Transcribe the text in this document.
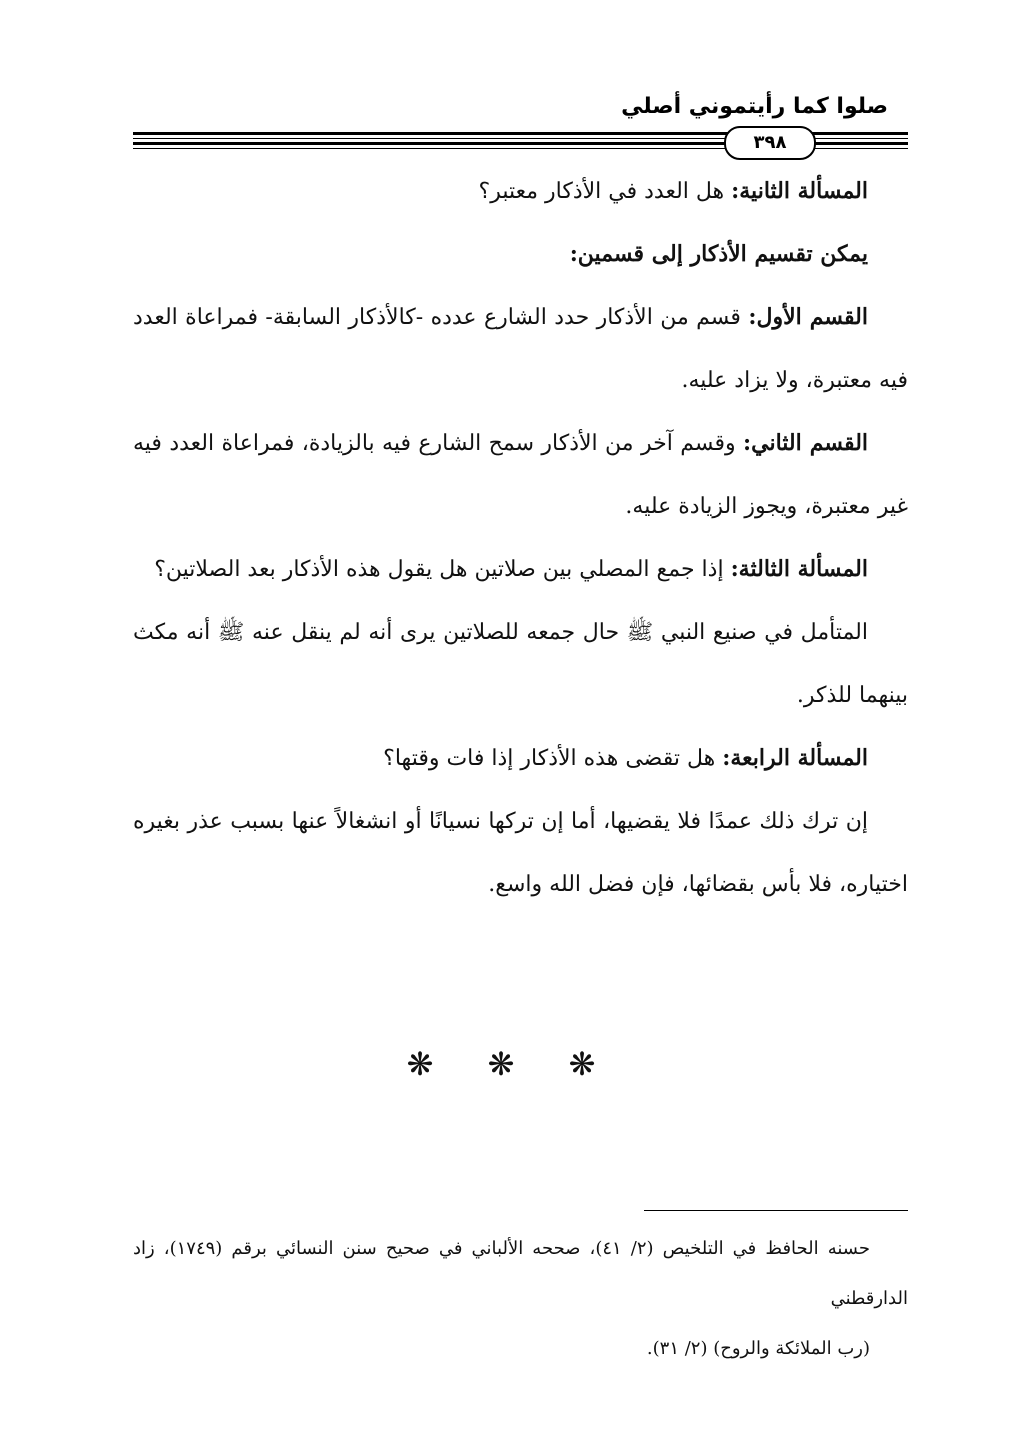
صلوا كما رأيتموني أصلي
٣٩٨

المسألة الثانية: هل العدد في الأذكار معتبر؟

يمكن تقسيم الأذكار إلى قسمين:

القسم الأول: قسم من الأذكار حدد الشارع عدده -كالأذكار السابقة- فمراعاة العدد فيه معتبرة، ولا يزاد عليه.

القسم الثاني: وقسم آخر من الأذكار سمح الشارع فيه بالزيادة، فمراعاة العدد فيه غير معتبرة، ويجوز الزيادة عليه.

المسألة الثالثة: إذا جمع المصلي بين صلاتين هل يقول هذه الأذكار بعد الصلاتين؟

المتأمل في صنيع النبي ﷺ حال جمعه للصلاتين يرى أنه لم ينقل عنه ﷺ أنه مكث بينهما للذكر.

المسألة الرابعة: هل تقضى هذه الأذكار إذا فات وقتها؟

إن ترك ذلك عمدًا فلا يقضيها، أما إن تركها نسيانًا أو انشغالاً عنها بسبب عذر بغيره اختياره، فلا بأس بقضائها، فإن فضل الله واسع.

❋ ❋ ❋

حسنه الحافظ في التلخيص (٢/ ٤١)، صححه الألباني في صحيح سنن النسائي برقم (١٧٤٩)، زاد الدارقطني

(رب الملائكة والروح) (٢/ ٣١).
